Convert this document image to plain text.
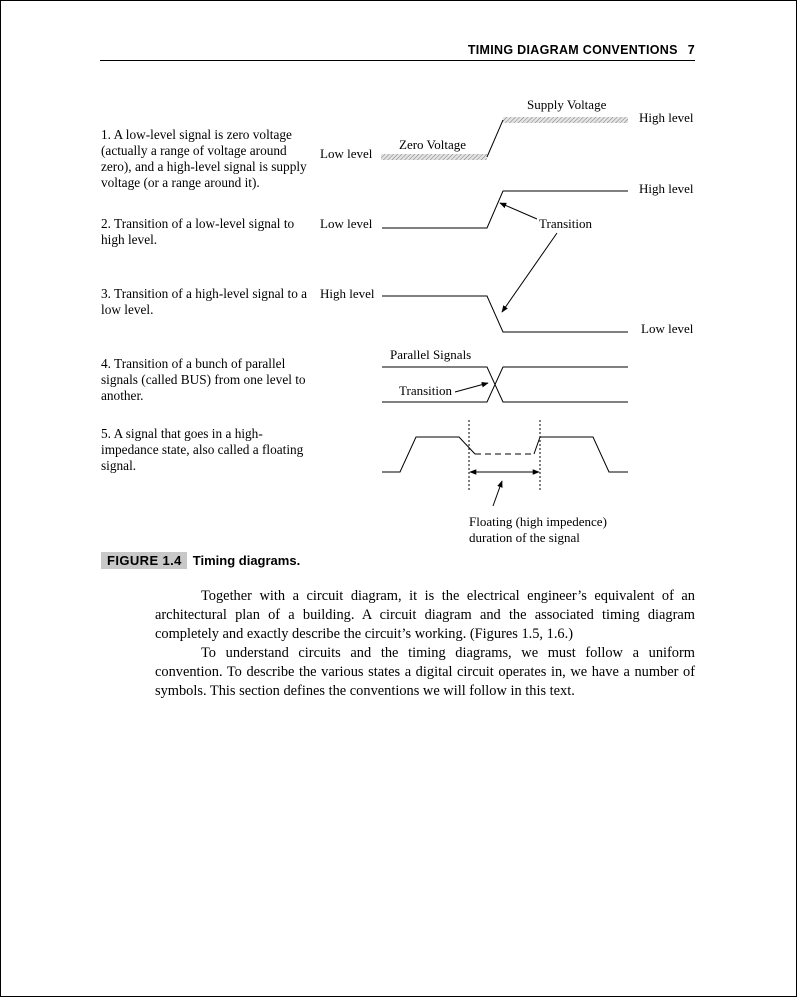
TIMING DIAGRAM CONVENTIONS 7
1. A low-level signal is zero voltage (actually a range of voltage around zero), and a high-level signal is supply voltage (or a range around it).
2. Transition of a low-level signal to high level.
3. Transition of a high-level signal to a low level.
4. Transition of a bunch of parallel signals (called BUS) from one level to another.
5. A signal that goes in a high-impedance state, also called a floating signal.
Supply Voltage
High level
Zero Voltage
Low level
High level
Low level	Transition
High level
Low level
Parallel Signals
Transition
Floating (high impedence)
duration of the signal
FIGURE 1.4 Timing diagrams.

Together with a circuit diagram, it is the electrical engineer’s equivalent of an architectural plan of a building. A circuit diagram and the associated timing diagram completely and exactly describe the circuit’s working. (Figures 1.5, 1.6.)

To understand circuits and the timing diagrams, we must follow a uniform convention. To describe the various states a digital circuit operates in, we have a number of symbols. This section defines the conventions we will follow in this text.
